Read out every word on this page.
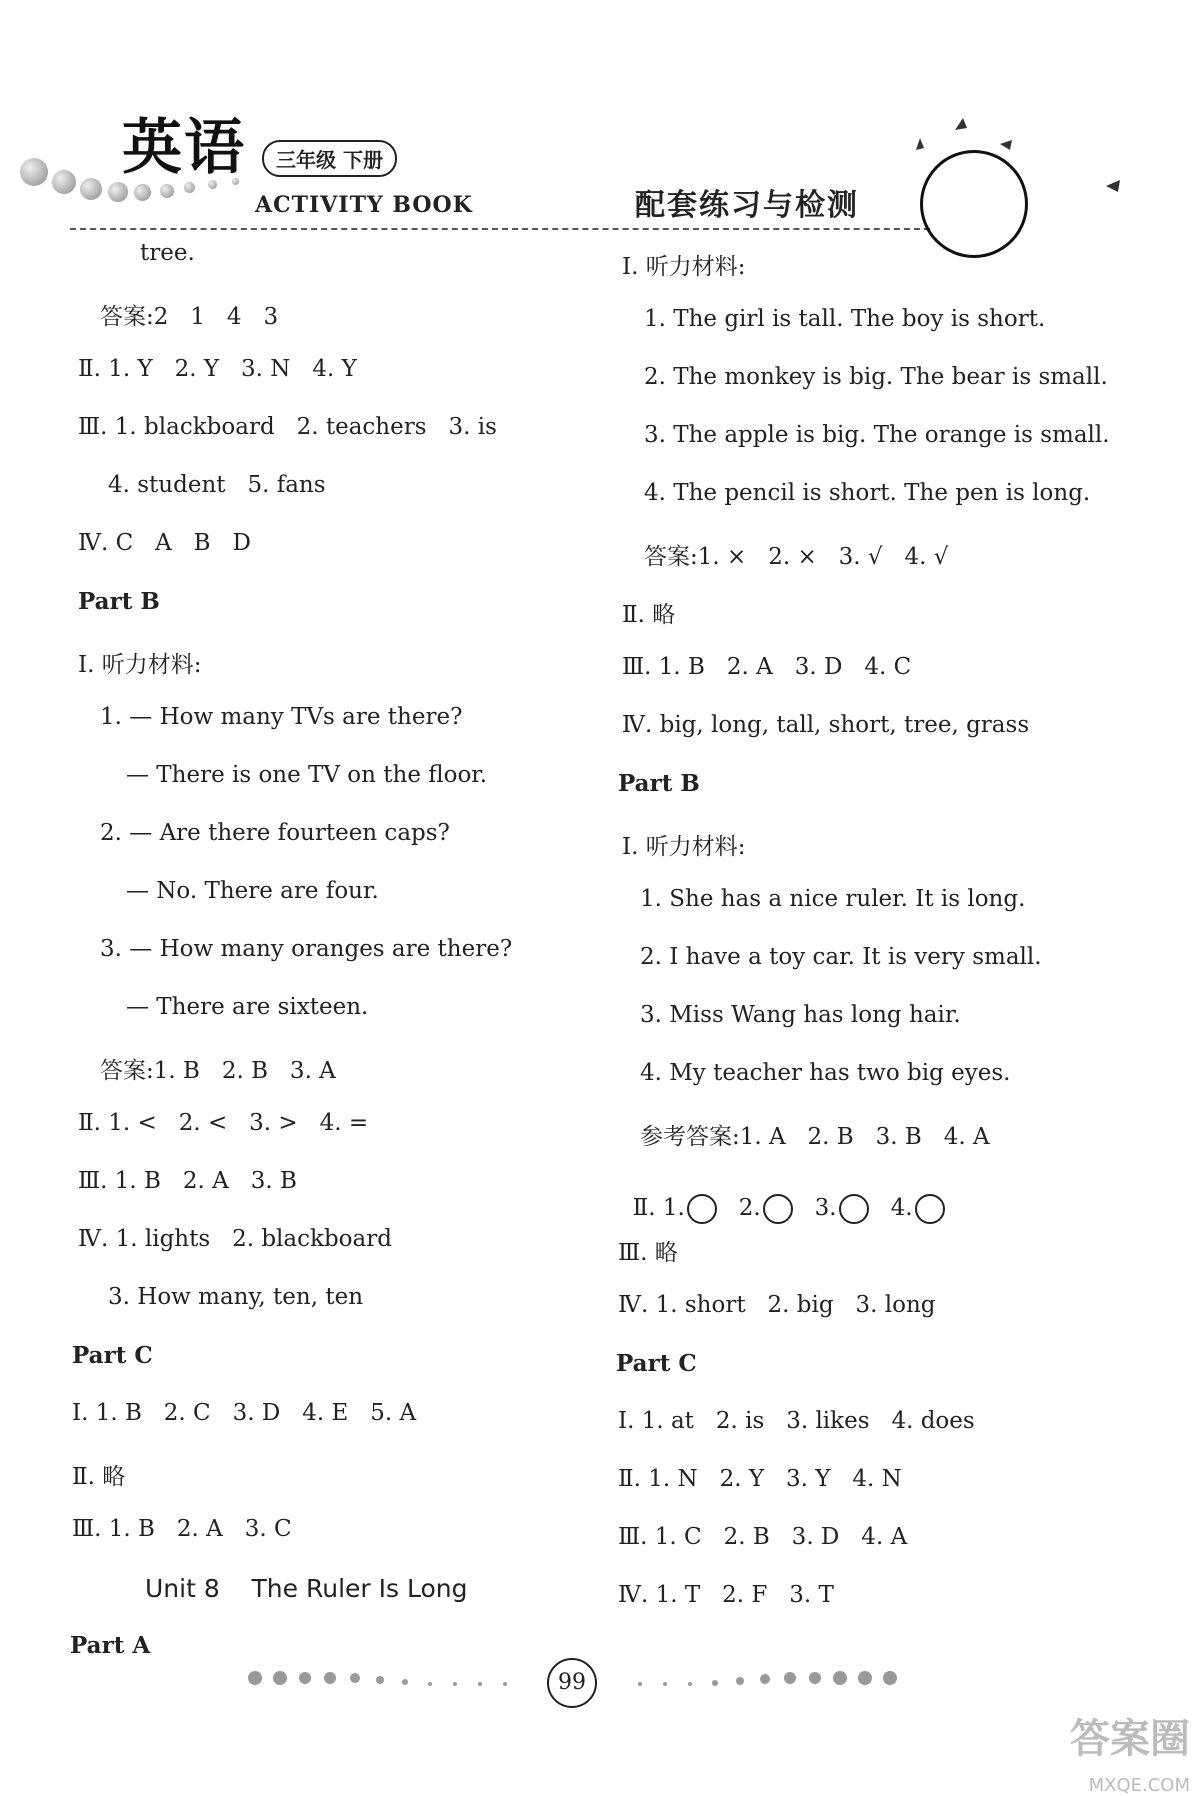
英语	三年级 下册
ACTIVITY BOOK	配套练习与检测
tree.
答案:2   1   4   3
Ⅱ. 1. Y   2. Y   3. N   4. Y
Ⅲ. 1. blackboard   2. teachers   3. is
4. student   5. fans
Ⅳ. C   A   B   D
Part B
Ⅰ. 听力材料:
1. — How many TVs are there?
— There is one TV on the floor.
2. — Are there fourteen caps?
— No. There are four.
3. — How many oranges are there?
— There are sixteen.
答案:1. B   2. B   3. A
Ⅱ. 1. <   2. <   3. >   4. =
Ⅲ. 1. B   2. A   3. B
Ⅳ. 1. lights   2. blackboard
3. How many, ten, ten
Part C
Ⅰ. 1. B   2. C   3. D   4. E   5. A
Ⅱ. 略
Ⅲ. 1. B   2. A   3. C
Unit 8    The Ruler Is Long
Part A
Ⅰ. 听力材料:
1. The girl is tall. The boy is short.
2. The monkey is big. The bear is small.
3. The apple is big. The orange is small.
4. The pencil is short. The pen is long.
答案:1. ×   2. ×   3. √   4. √
Ⅱ. 略
Ⅲ. 1. B   2. A   3. D   4. C
Ⅳ. big, long, tall, short, tree, grass
Part B
Ⅰ. 听力材料:
1. She has a nice ruler. It is long.
2. I have a toy car. It is very small.
3. Miss Wang has long hair.
4. My teacher has two big eyes.
参考答案:1. A   2. B   3. B   4. A
Ⅲ. 略
Ⅳ. 1. short   2. big   3. long
Part C
Ⅰ. 1. at   2. is   3. likes   4. does
Ⅱ. 1. N   2. Y   3. Y   4. N
Ⅲ. 1. C   2. B   3. D   4. A
Ⅳ. 1. T   2. F   3. T

Ⅱ. 1. 2. 3. 4.

99
答案圈
MXQE.COM
